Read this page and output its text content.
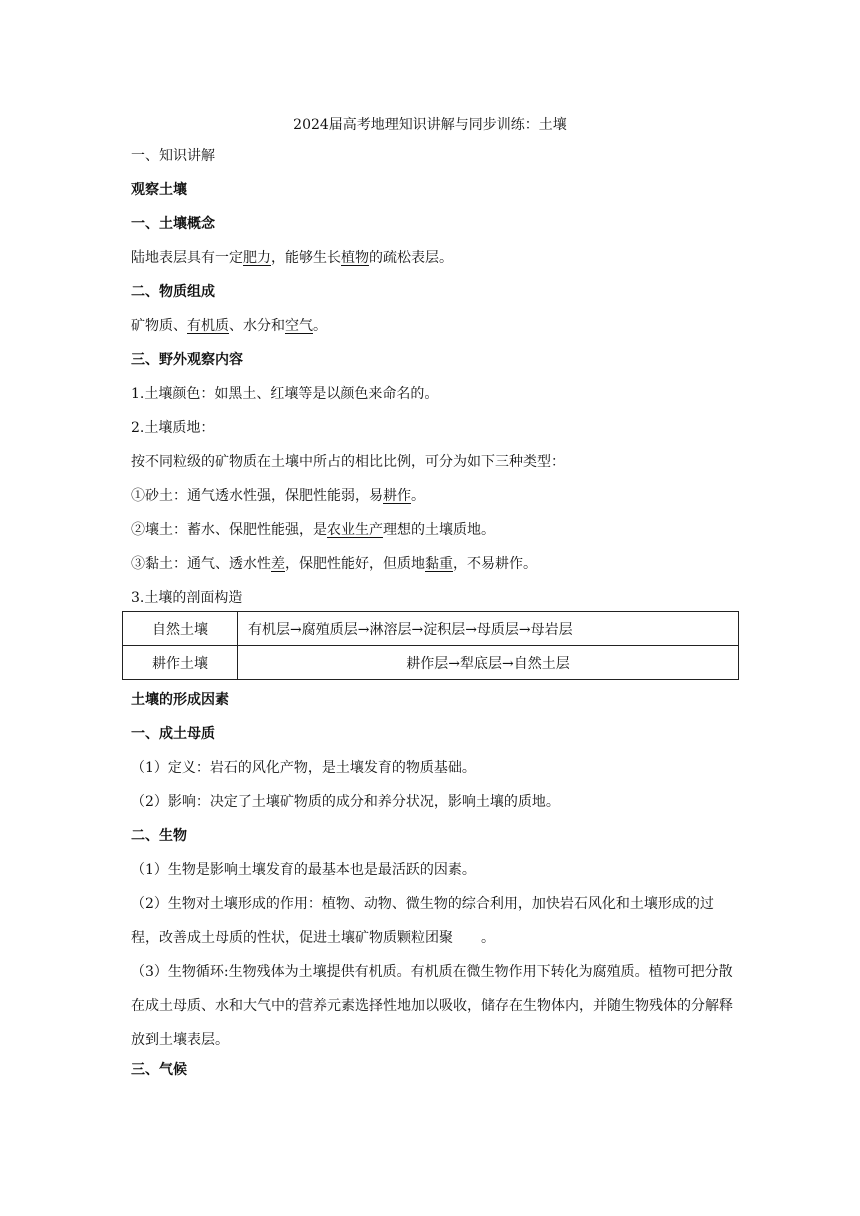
2024届高考地理知识讲解与同步训练：土壤
一、知识讲解
观察土壤
一、土壤概念
陆地表层具有一定肥力，能够生长植物的疏松表层。
二、物质组成
矿物质、有机质、水分和空气。
三、野外观察内容
1.土壤颜色：如黑土、红壤等是以颜色来命名的。
2.土壤质地：
按不同粒级的矿物质在土壤中所占的相比比例，可分为如下三种类型：
①砂土：通气透水性强，保肥性能弱，易耕作。
②壤土：蓄水、保肥性能强，是农业生产理想的土壤质地。
③黏土：通气、透水性差，保肥性能好，但质地黏重，不易耕作。
3.土壤的剖面构造
自然土壤	有机层→腐殖质层→淋溶层→淀积层→母质层→母岩层
耕作土壤	耕作层→犁底层→自然土层
土壤的形成因素
一、成土母质
（1）定义：岩石的风化产物，是土壤发育的物质基础。
（2）影响：决定了土壤矿物质的成分和养分状况，影响土壤的质地。
二、生物
（1）生物是影响土壤发育的最基本也是最活跃的因素。
（2）生物对土壤形成的作用：植物、动物、微生物的综合利用，加快岩石风化和土壤形成的过程，改善成土母质的性状，促进土壤矿物质颗粒团聚　　。
（3）生物循环:生物残体为土壤提供有机质。有机质在微生物作用下转化为腐殖质。植物可把分散在成土母质、水和大气中的营养元素选择性地加以吸收，储存在生物体内，并随生物残体的分解释放到土壤表层。
三、气候
